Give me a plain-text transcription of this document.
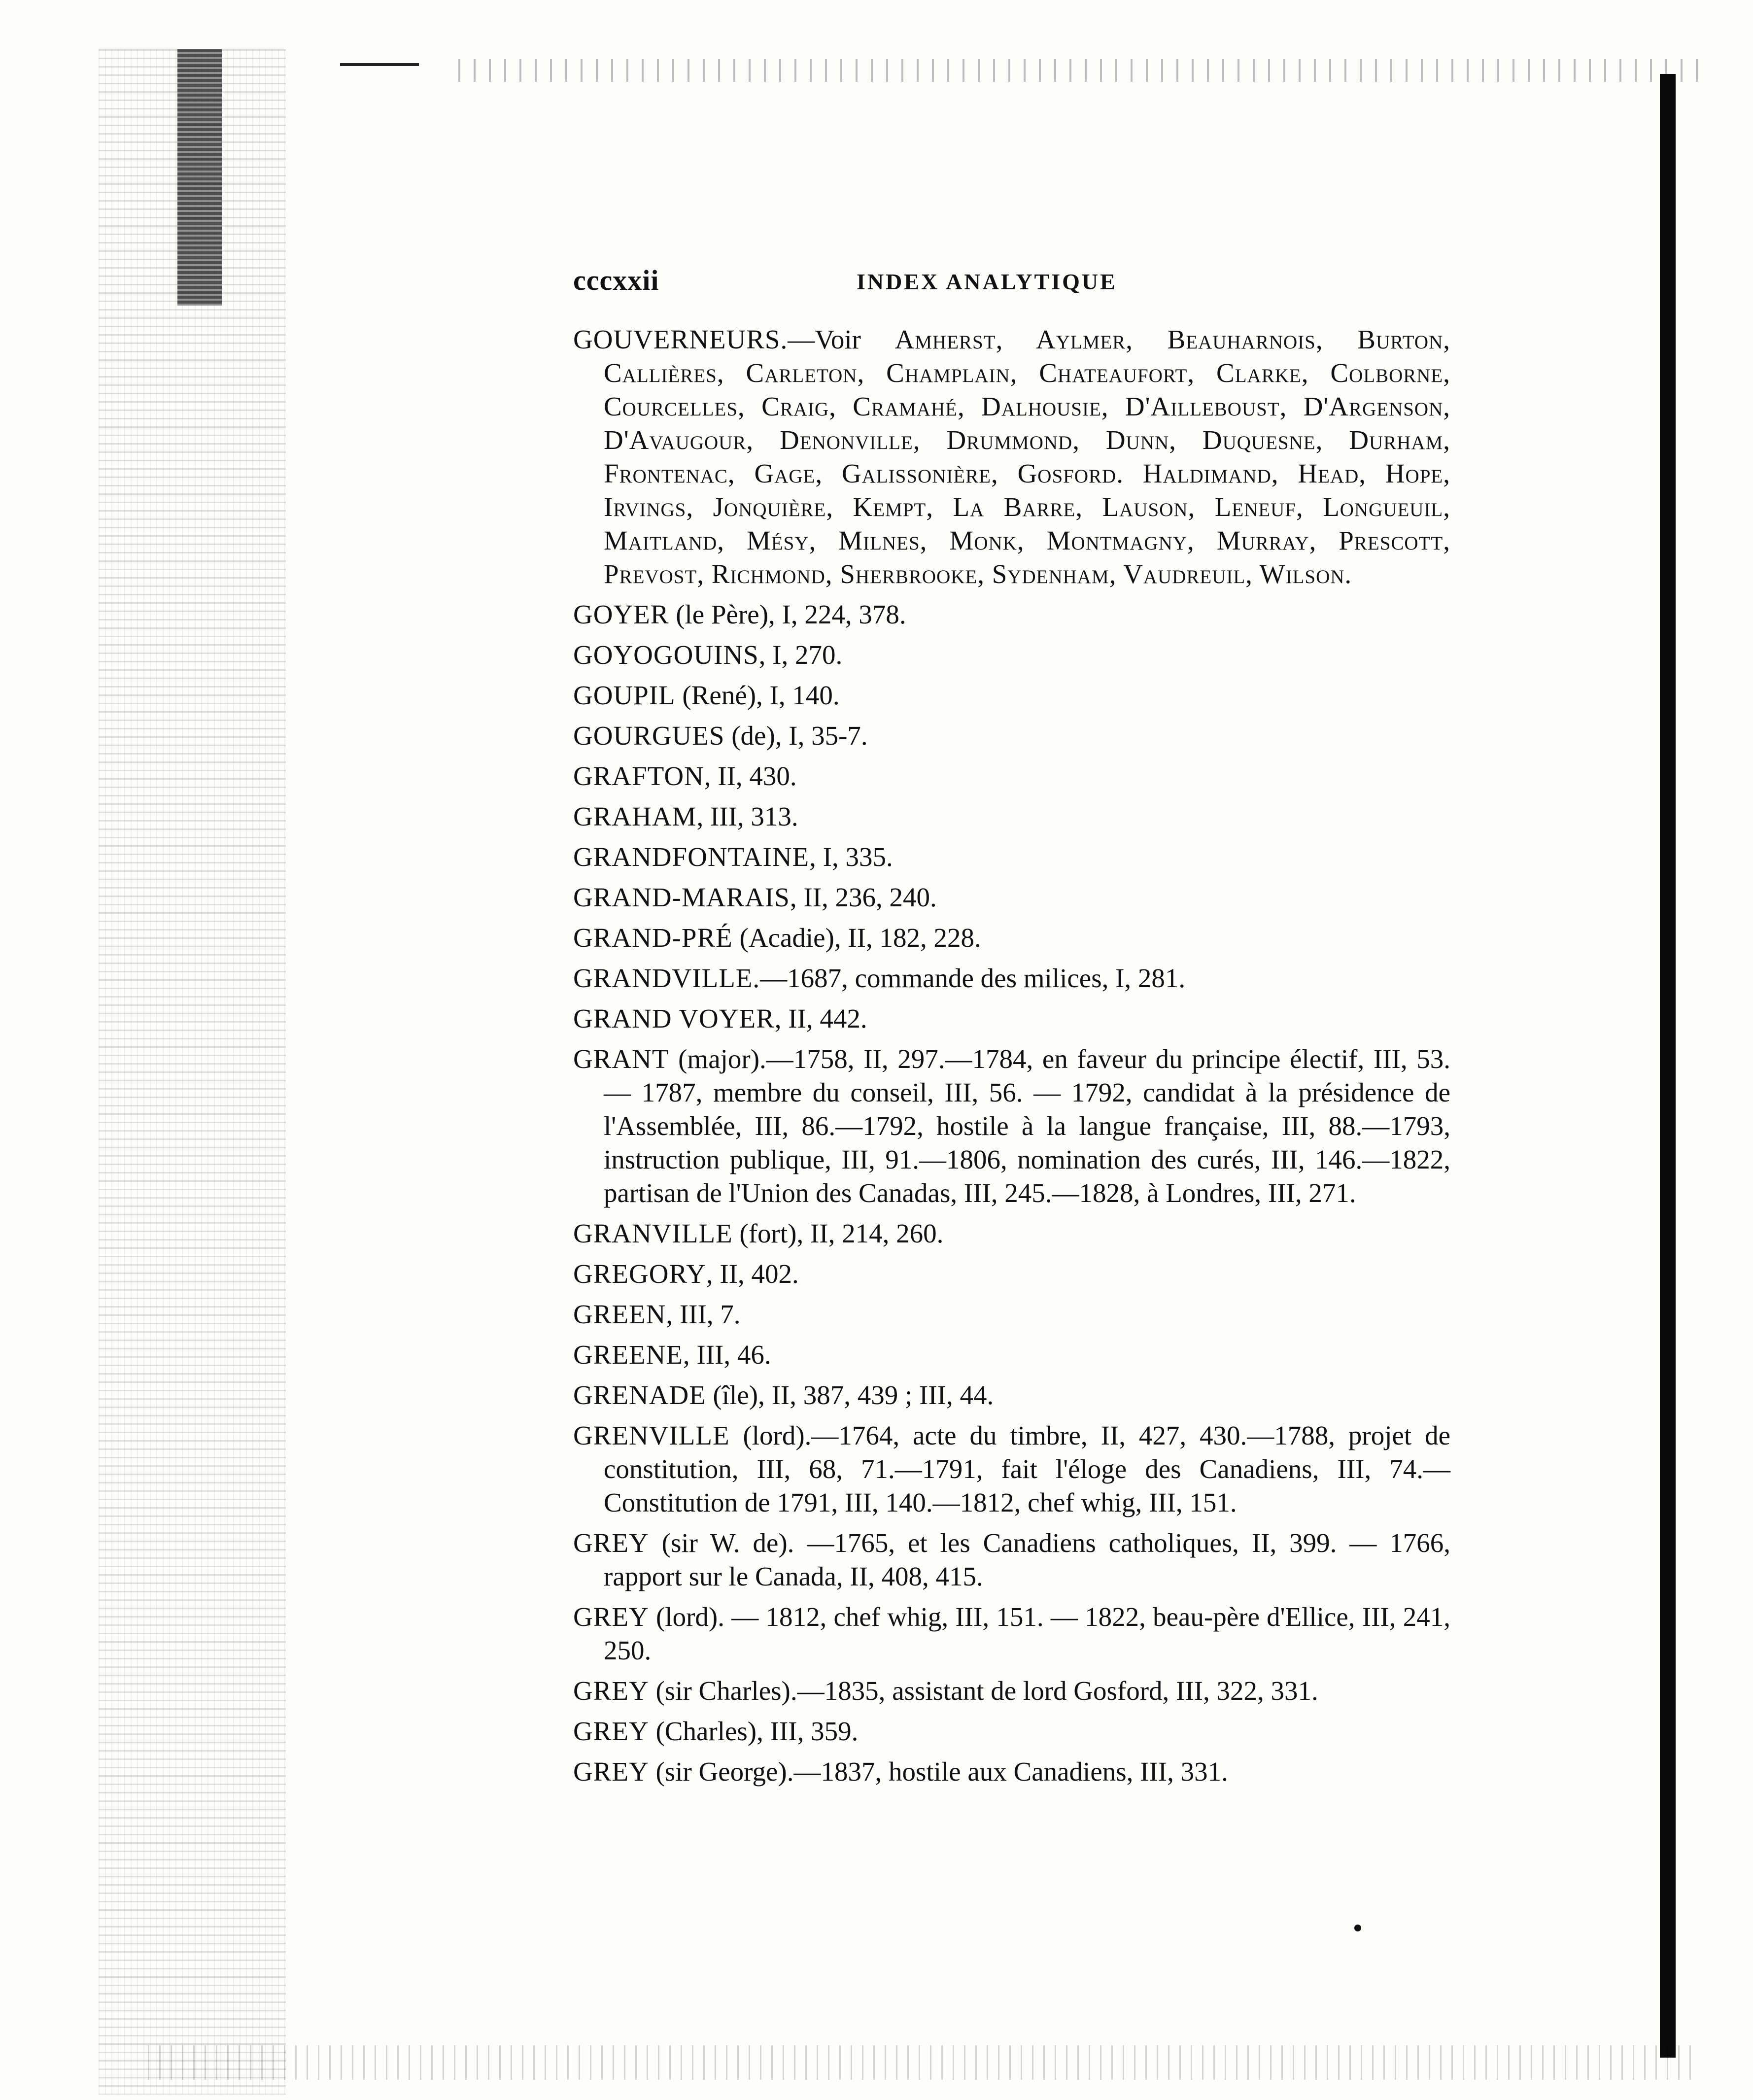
cccxxii	INDEX ANALYTIQUE

GOUVERNEURS.—Voir Amherst, Aylmer, Beauharnois, Burton, Callières, Carleton, Champlain, Chateaufort, Clarke, Colborne, Courcelles, Craig, Cramahé, Dalhousie, D'Ailleboust, D'Argenson, D'Avaugour, Denonville, Drummond, Dunn, Duquesne, Durham, Frontenac, Gage, Galissonière, Gosford. Haldimand, Head, Hope, Irvings, Jonquière, Kempt, La Barre, Lauson, Leneuf, Longueuil, Maitland, Mésy, Milnes, Monk, Montmagny, Murray, Prescott, Prevost, Richmond, Sherbrooke, Sydenham, Vaudreuil, Wilson.

GOYER (le Père), I, 224, 378.

GOYOGOUINS, I, 270.

GOUPIL (René), I, 140.

GOURGUES (de), I, 35-7.

GRAFTON, II, 430.

GRAHAM, III, 313.

GRANDFONTAINE, I, 335.

GRAND-MARAIS, II, 236, 240.

GRAND-PRÉ (Acadie), II, 182, 228.

GRANDVILLE.—1687, commande des milices, I, 281.

GRAND VOYER, II, 442.

GRANT (major).—1758, II, 297.—1784, en faveur du principe électif, III, 53. — 1787, membre du conseil, III, 56. — 1792, candidat à la présidence de l'Assemblée, III, 86.—1792, hostile à la langue française, III, 88.—1793, instruction publique, III, 91.—1806, nomination des curés, III, 146.—1822, partisan de l'Union des Canadas, III, 245.—1828, à Londres, III, 271.

GRANVILLE (fort), II, 214, 260.

GREGORY, II, 402.

GREEN, III, 7.

GREENE, III, 46.

GRENADE (île), II, 387, 439 ; III, 44.

GRENVILLE (lord).—1764, acte du timbre, II, 427, 430.—1788, projet de constitution, III, 68, 71.—1791, fait l'éloge des Canadiens, III, 74.—Constitution de 1791, III, 140.—1812, chef whig, III, 151.

GREY (sir W. de). —1765, et les Canadiens catholiques, II, 399. — 1766, rapport sur le Canada, II, 408, 415.

GREY (lord). — 1812, chef whig, III, 151. — 1822, beau-père d'Ellice, III, 241, 250.

GREY (sir Charles).—1835, assistant de lord Gosford, III, 322, 331.

GREY (Charles), III, 359.

GREY (sir George).—1837, hostile aux Canadiens, III, 331.
